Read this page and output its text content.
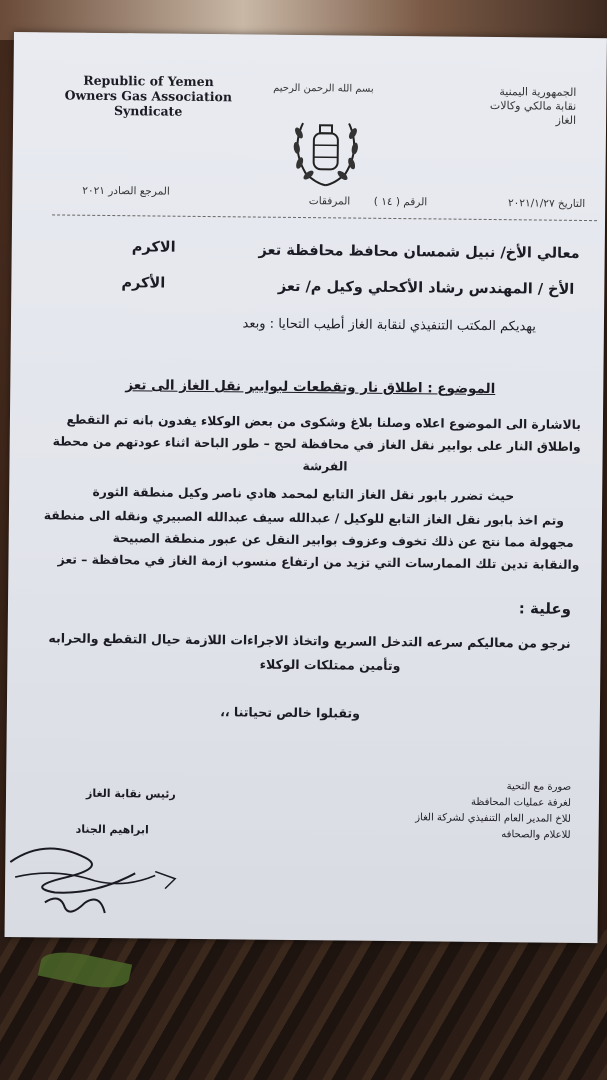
Republic of Yemen
Owners Gas Association
Syndicate
الجمهورية اليمنية
نقابة مالكي وكالات
الغاز
بسم الله الرحمن الرحيم
التاريخ ٢٠٢١/١/٢٧
الرقم ( ١٤ )
المرفقات
المرجع الصادر ٢٠٢١
معالي الأخ/ نبيل شمسان محافظ محافظة تعز
الاكرم
الأخ / المهندس رشاد الأكحلي وكيل م/ تعز
الأكرم
يهديكم المكتب التنفيذي لنقابة الغاز أطيب التحايا : وبعد
الموضوع : اطلاق نار وتقطعات لبوابير نقل الغاز الى تعز
بالاشارة الى الموضوع اعلاه وصلنا بلاغ وشكوى من بعض الوكلاء يفدون بانه تم التقطع
واطلاق النار على بوابير نقل الغاز في محافظة لحج – طور الباحة اثناء عودتهم من محطة
الفرشة
حيث تضرر بابور نقل الغاز التابع لمحمد هادي ناصر وكيل منطقة الثورة
وتم اخذ بابور نقل الغاز التابع للوكيل / عبدالله سيف عبدالله الصبيري ونقله الى منطقة
مجهولة مما نتج عن ذلك تخوف وعزوف بوابير النقل عن عبور منطقة الصبيحة
والنقابة تدين تلك الممارسات التي تزيد من ارتفاع منسوب ازمة الغاز في محافظة – تعز
وعلية :
نرجو من معاليكم سرعه التدخل السريع واتخاذ الاجراءات اللازمة حيال التقطع والحرابه
وتأمين ممتلكات الوكلاء
وتقبلوا خالص تحياتنا ،،
رئيس نقابة الغاز
ابراهيم الجناد
صورة مع التحية
لغرفة عمليات المحافظة
للاخ المدير العام التنفيذي لشركة الغاز
للاعلام والصحافه
